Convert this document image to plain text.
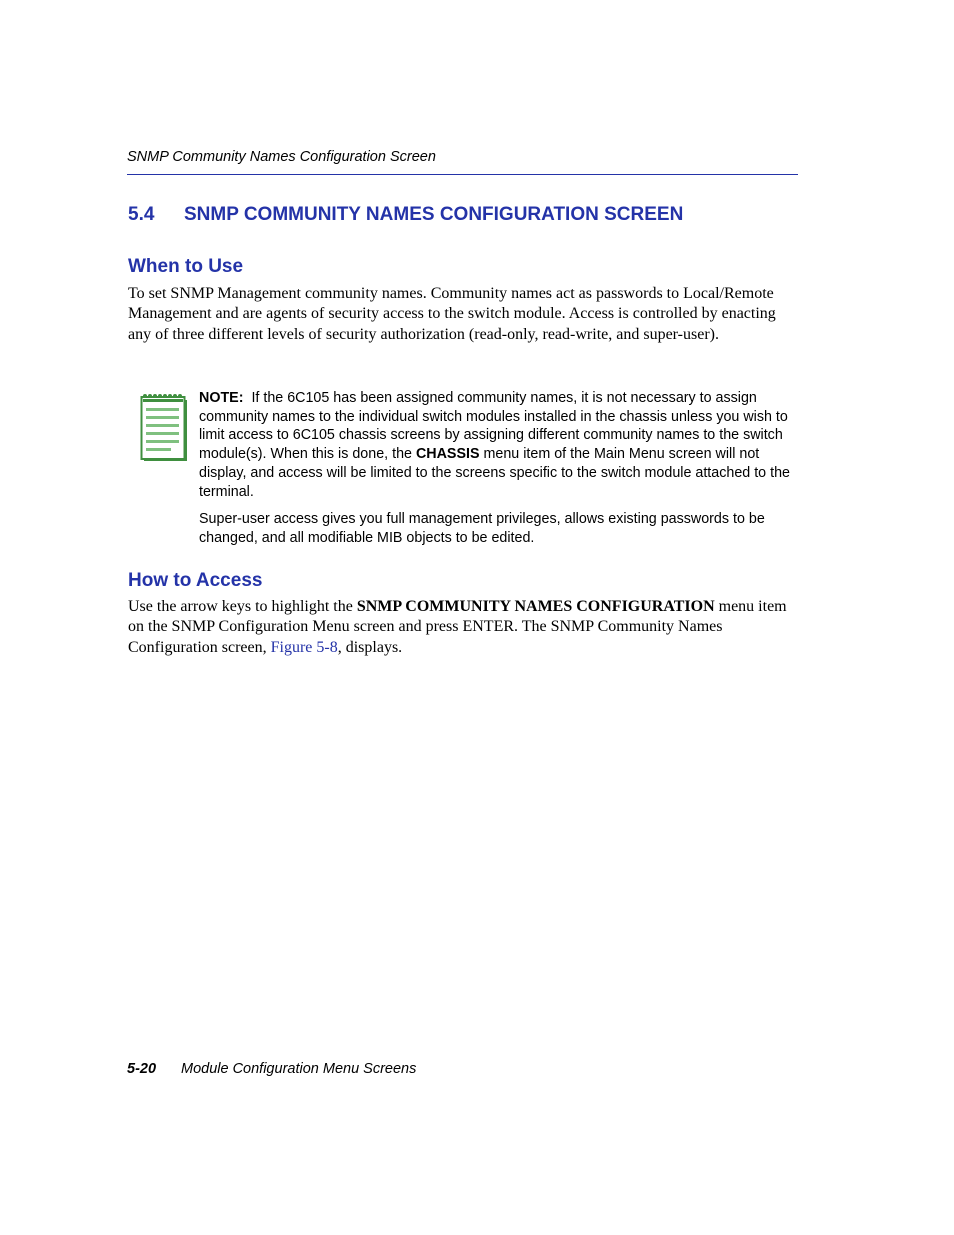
SNMP Community Names Configuration Screen
5.4 SNMP COMMUNITY NAMES CONFIGURATION SCREEN
When to Use

To set SNMP Management community names. Community names act as passwords to Local/Remote Management and are agents of security access to the switch module. Access is controlled by enacting any of three different levels of security authorization (read-only, read-write, and super-user).

NOTE: If the 6C105 has been assigned community names, it is not necessary to assign community names to the individual switch modules installed in the chassis unless you wish to limit access to 6C105 chassis screens by assigning different community names to the switch module(s). When this is done, the CHASSIS menu item of the Main Menu screen will not display, and access will be limited to the screens specific to the switch module attached to the terminal.

Super-user access gives you full management privileges, allows existing passwords to be changed, and all modifiable MIB objects to be edited.

How to Access

Use the arrow keys to highlight the SNMP COMMUNITY NAMES CONFIGURATION menu item on the SNMP Configuration Menu screen and press ENTER. The SNMP Community Names Configuration screen, Figure 5-8, displays.

5-20 Module Configuration Menu Screens
